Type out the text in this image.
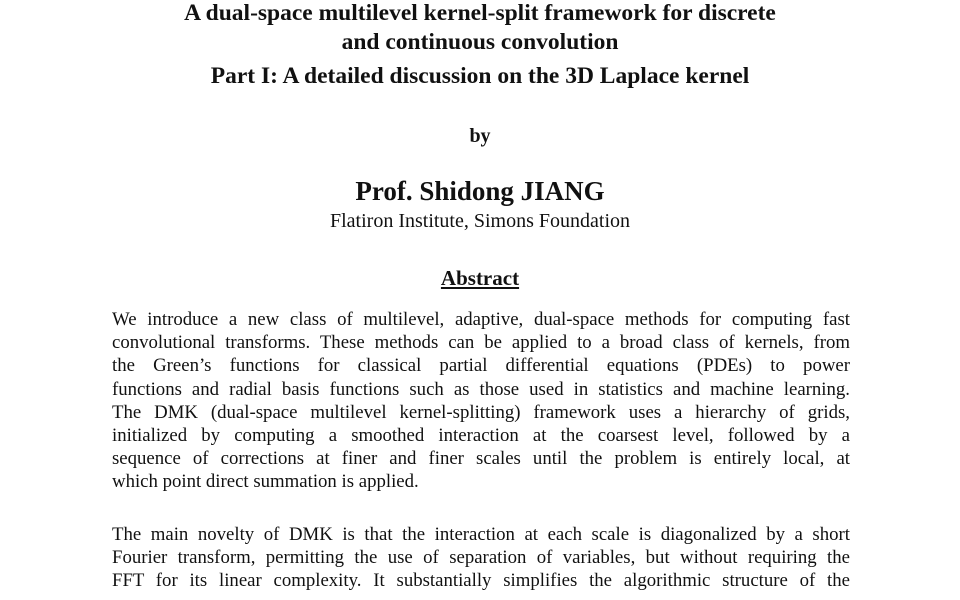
A dual-space multilevel kernel-split framework for discrete
and continuous convolution
Part I: A detailed discussion on the 3D Laplace kernel
by
Prof. Shidong JIANG
Flatiron Institute, Simons Foundation
Abstract
We introduce a new class of multilevel, adaptive, dual-space methods for computing fast
convolutional transforms. These methods can be applied to a broad class of kernels, from
the Green’s functions for classical partial differential equations (PDEs) to power
functions and radial basis functions such as those used in statistics and machine learning.
The DMK (dual-space multilevel kernel-splitting) framework uses a hierarchy of grids,
initialized by computing a smoothed interaction at the coarsest level, followed by a
sequence of corrections at finer and finer scales until the problem is entirely local, at
which point direct summation is applied.
The main novelty of DMK is that the interaction at each scale is diagonalized by a short
Fourier transform, permitting the use of separation of variables, but without requiring the
FFT for its linear complexity. It substantially simplifies the algorithmic structure of the
